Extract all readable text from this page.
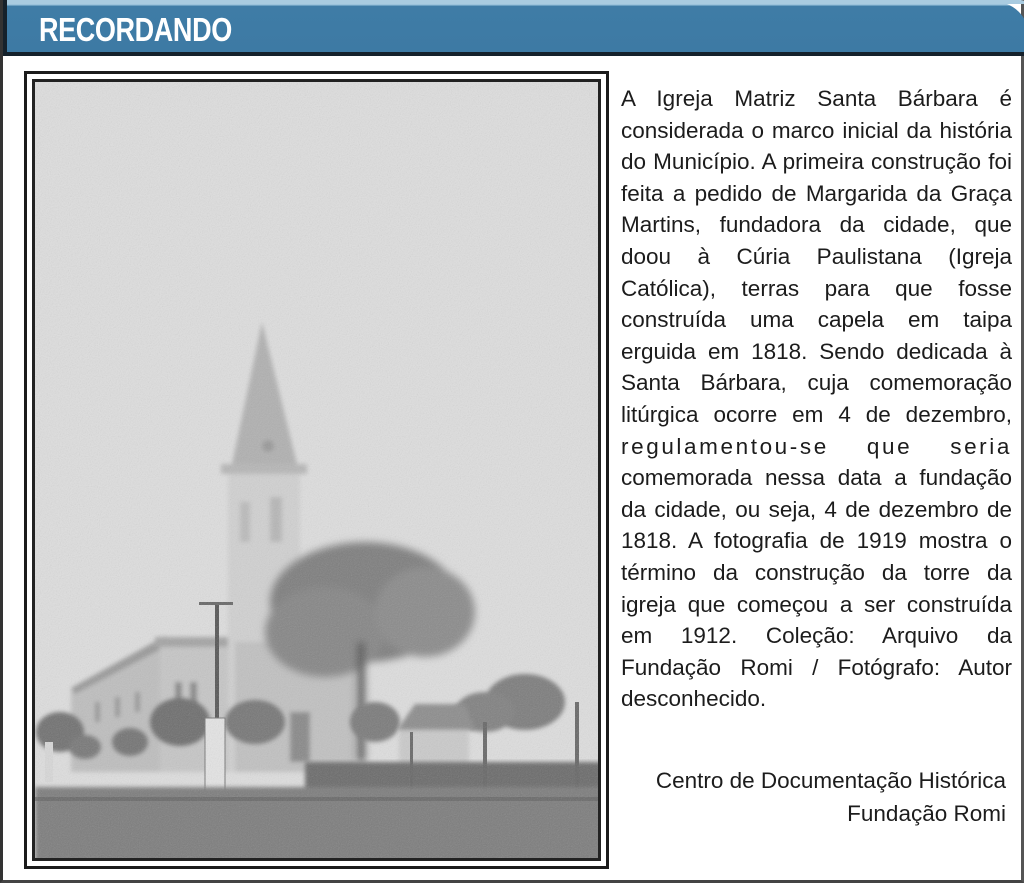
RECORDANDO
A Igreja Matriz Santa Bárbara é
considerada o marco inicial da história
do Município. A primeira construção foi
feita a pedido de Margarida da Graça
Martins, fundadora da cidade, que
doou à Cúria Paulistana (Igreja
Católica), terras para que fosse
construída uma capela em taipa
erguida em 1818. Sendo dedicada à
Santa Bárbara, cuja comemoração
litúrgica ocorre em 4 de dezembro,
regulamentou-se que seria
comemorada nessa data a fundação
da cidade, ou seja, 4 de dezembro de
1818. A fotografia de 1919 mostra o
término da construção da torre da
igreja que começou a ser construída
em 1912. Coleção: Arquivo da
Fundação Romi / Fotógrafo: Autor
desconhecido.
Centro de Documentação Histórica
Fundação Romi
